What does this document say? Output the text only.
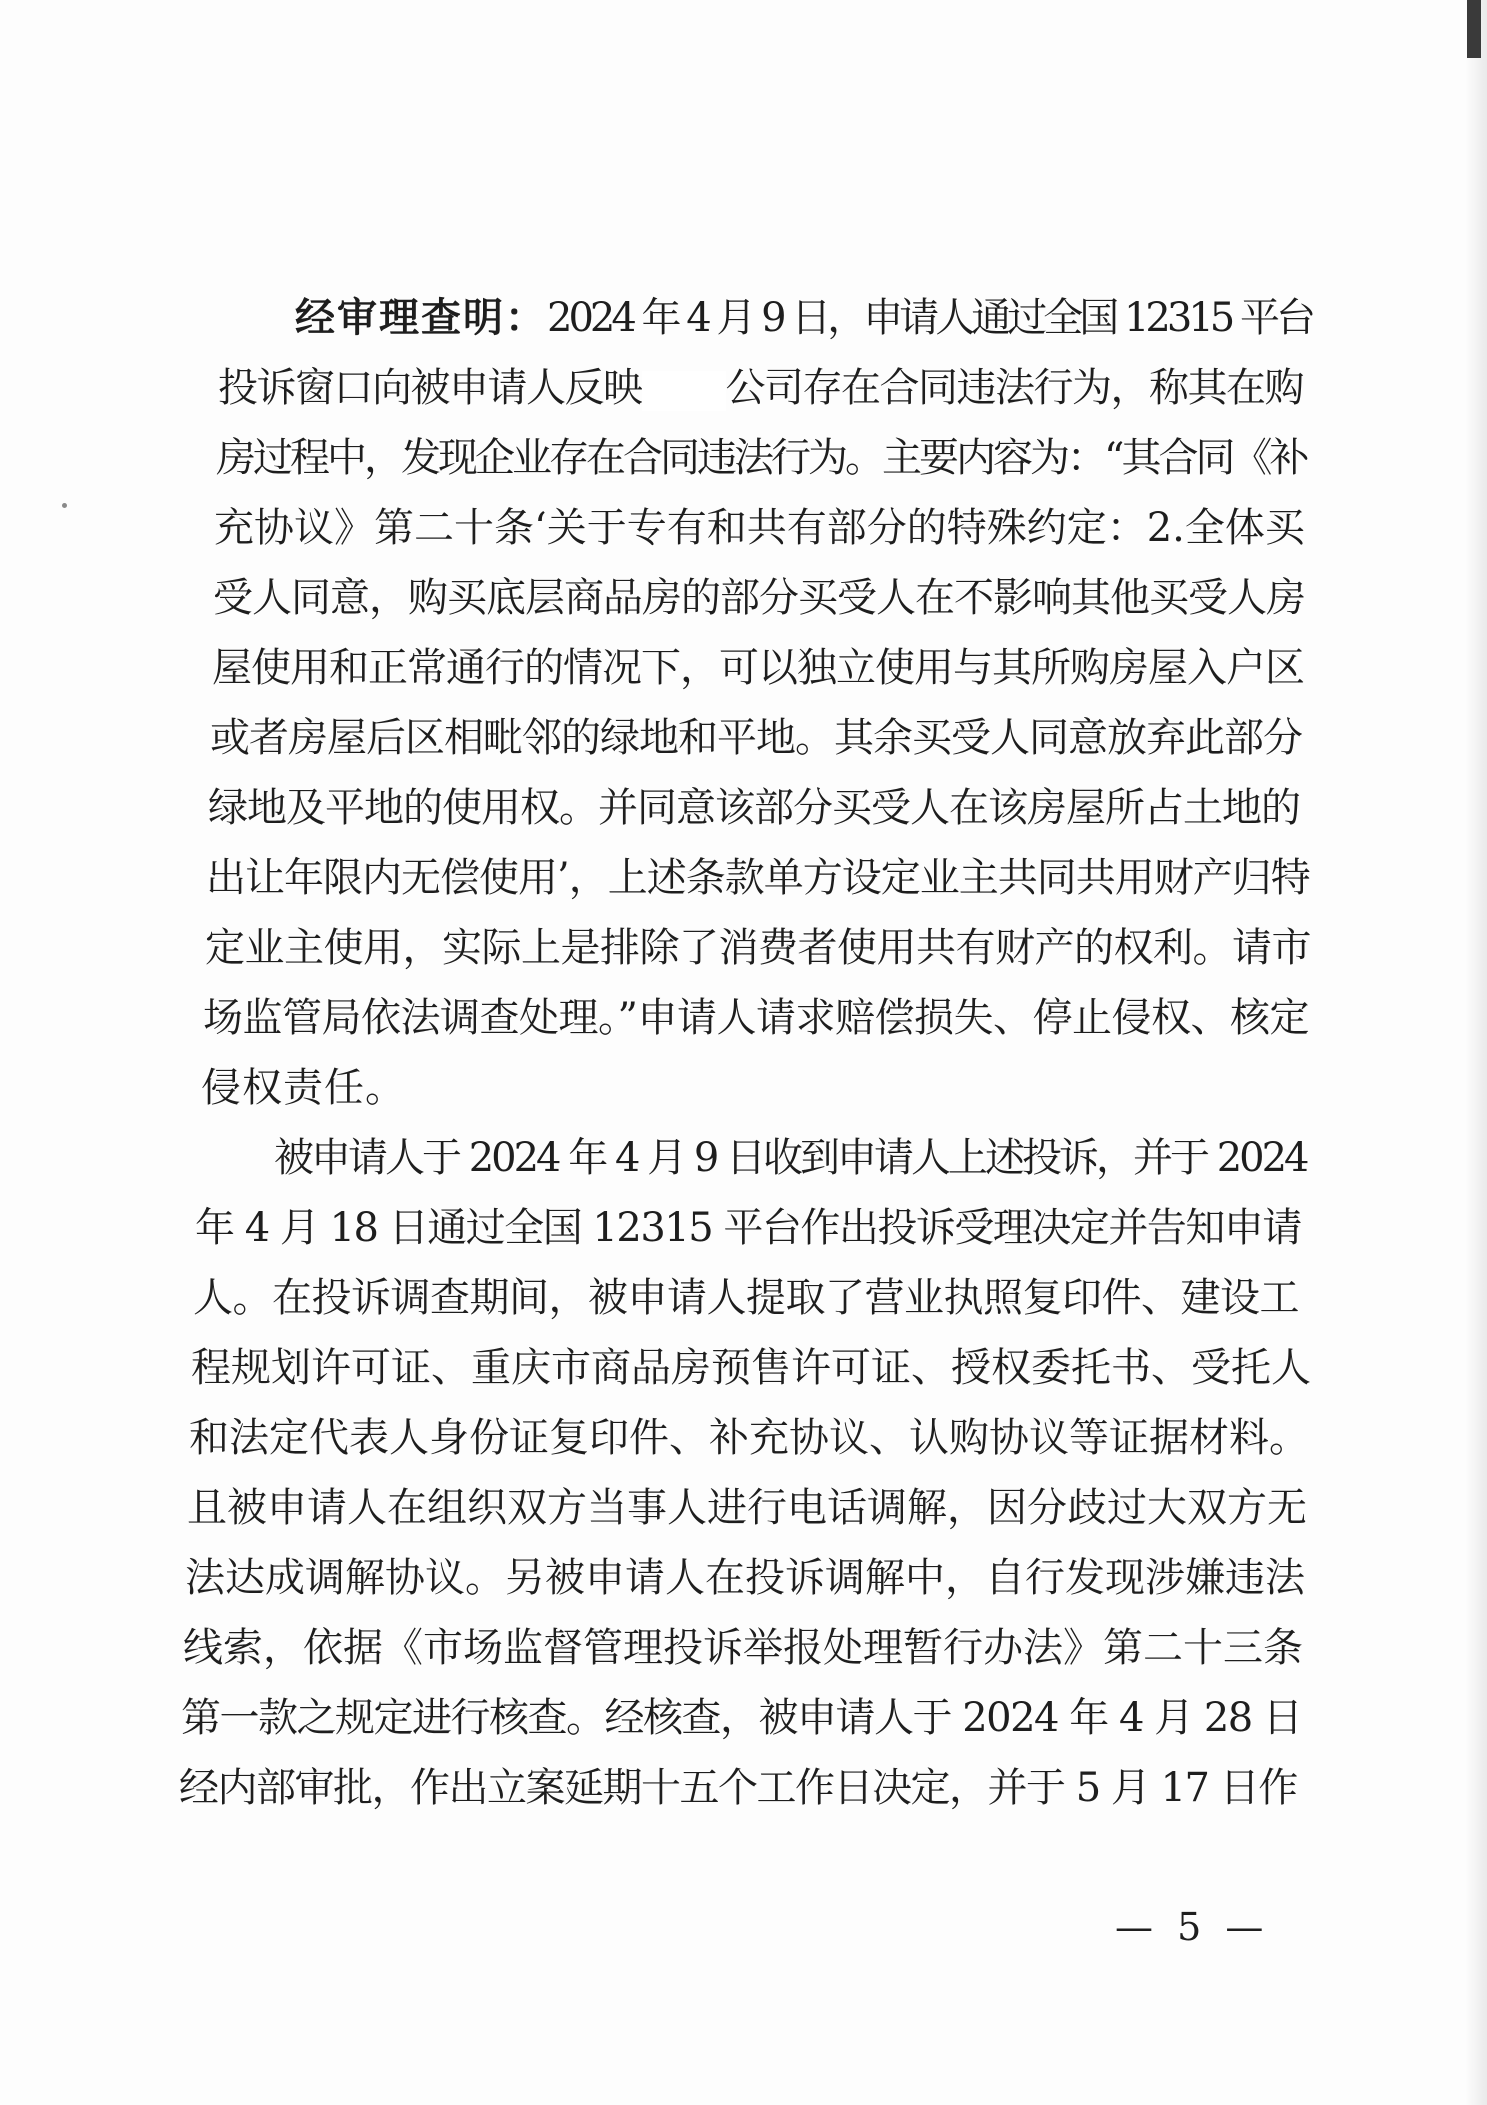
经审理查明：2024 年 4 月 9 日，申请人通过全国 12315 平台
投诉窗口向被申请人反映 公司存在合同违法行为，称其在购
房过程中，发现企业存在合同违法行为。主要内容为：“其合同《补
充协议》第二十条‘关于专有和共有部分的特殊约定：2.全体买
受人同意，购买底层商品房的部分买受人在不影响其他买受人房
屋使用和正常通行的情况下，可以独立使用与其所购房屋入户区
或者房屋后区相毗邻的绿地和平地。其余买受人同意放弃此部分
绿地及平地的使用权。并同意该部分买受人在该房屋所占土地的
出让年限内无偿使用’，上述条款单方设定业主共同共用财产归特
定业主使用，实际上是排除了消费者使用共有财产的权利。请市
场监管局依法调查处理。”申请人请求赔偿损失、停止侵权、核定
侵权责任。
被申请人于 2024 年 4 月 9 日收到申请人上述投诉，并于 2024
年 4 月 18 日通过全国 12315 平台作出投诉受理决定并告知申请
人。在投诉调查期间，被申请人提取了营业执照复印件、建设工
程规划许可证、重庆市商品房预售许可证、授权委托书、受托人
和法定代表人身份证复印件、补充协议、认购协议等证据材料。
且被申请人在组织双方当事人进行电话调解，因分歧过大双方无
法达成调解协议。另被申请人在投诉调解中，自行发现涉嫌违法
线索，依据《市场监督管理投诉举报处理暂行办法》第二十三条
第一款之规定进行核查。经核查，被申请人于 2024 年 4 月 28 日
经内部审批，作出立案延期十五个工作日决定，并于 5 月 17 日作
— 5 —
